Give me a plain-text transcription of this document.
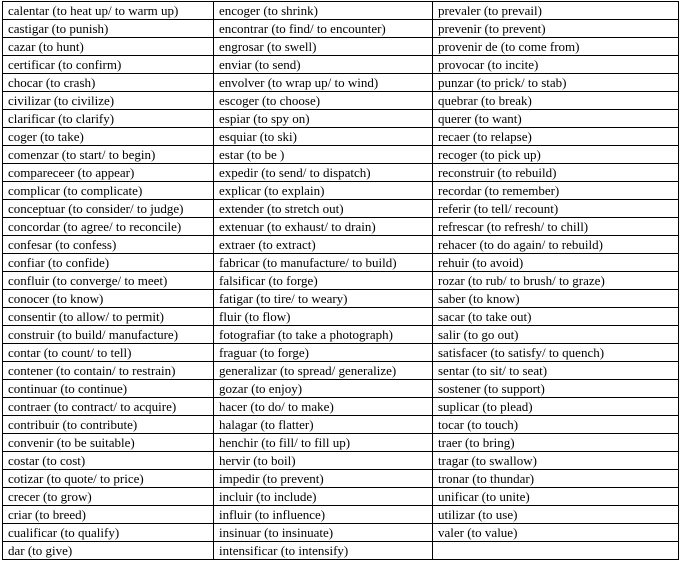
calentar (to heat up/ to warm up)	encoger (to shrink)	prevaler (to prevail)
castigar (to punish)	encontrar (to find/ to encounter)	prevenir (to prevent)
cazar (to hunt)	engrosar (to swell)	provenir de (to come from)
certificar (to confirm)	enviar (to send)	provocar (to incite)
chocar (to crash)	envolver (to wrap up/ to wind)	punzar (to prick/ to stab)
civilizar (to civilize)	escoger (to choose)	quebrar (to break)
clarificar (to clarify)	espiar (to spy on)	querer (to want)
coger (to take)	esquiar (to ski)	recaer (to relapse)
comenzar (to start/ to begin)	estar (to be )	recoger (to pick up)
compareceer (to appear)	expedir (to send/ to dispatch)	reconstruir (to rebuild)
complicar (to complicate)	explicar (to explain)	recordar (to remember)
conceptuar (to consider/ to judge)	extender (to stretch out)	referir (to tell/ recount)
concordar (to agree/ to reconcile)	extenuar (to exhaust/ to drain)	refrescar (to refresh/ to chill)
confesar (to confess)	extraer (to extract)	rehacer (to do again/ to rebuild)
confiar (to confide)	fabricar (to manufacture/ to build)	rehuir (to avoid)
confluir (to converge/ to meet)	falsificar (to forge)	rozar (to rub/ to brush/ to graze)
conocer (to know)	fatigar (to tire/ to weary)	saber (to know)
consentir (to allow/ to permit)	fluir (to flow)	sacar (to take out)
construir (to build/ manufacture)	fotografiar (to take a photograph)	salir (to go out)
contar (to count/ to tell)	fraguar (to forge)	satisfacer (to satisfy/ to quench)
contener (to contain/ to restrain)	generalizar (to spread/ generalize)	sentar (to sit/ to seat)
continuar (to continue)	gozar (to enjoy)	sostener (to support)
contraer (to contract/ to acquire)	hacer (to do/ to make)	suplicar (to plead)
contribuir (to contribute)	halagar (to flatter)	tocar (to touch)
convenir (to be suitable)	henchir (to fill/ to fill up)	traer (to bring)
costar (to cost)	hervir (to boil)	tragar (to swallow)
cotizar (to quote/ to price)	impedir (to prevent)	tronar (to thundar)
crecer (to grow)	incluir (to include)	unificar (to unite)
criar (to breed)	influir (to influence)	utilizar (to use)
cualificar (to qualify)	insinuar (to insinuate)	valer (to value)
dar (to give)	intensificar (to intensify)	
